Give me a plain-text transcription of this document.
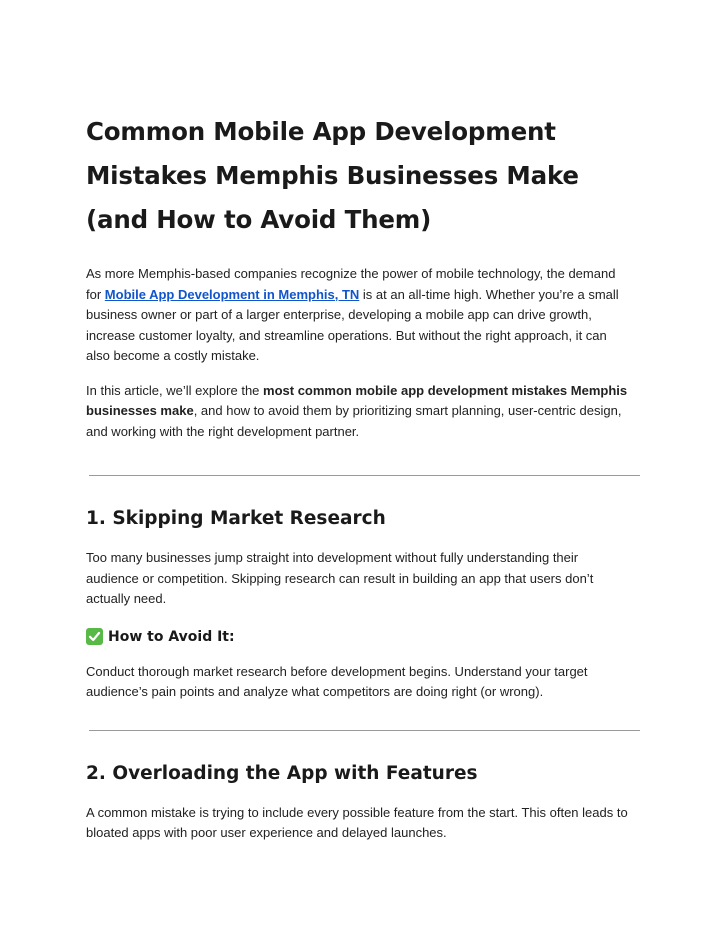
Common Mobile App Development Mistakes Memphis Businesses Make (and How to Avoid Them)

As more Memphis-based companies recognize the power of mobile technology, the demand for Mobile App Development in Memphis, TN is at an all-time high. Whether you’re a small business owner or part of a larger enterprise, developing a mobile app can drive growth, increase customer loyalty, and streamline operations. But without the right approach, it can also become a costly mistake.

In this article, we’ll explore the most common mobile app development mistakes Memphis businesses make, and how to avoid them by prioritizing smart planning, user-centric design, and working with the right development partner.

1. Skipping Market Research

Too many businesses jump straight into development without fully understanding their audience or competition. Skipping research can result in building an app that users don’t actually need.

How to Avoid It:

Conduct thorough market research before development begins. Understand your target audience’s pain points and analyze what competitors are doing right (or wrong).

2. Overloading the App with Features

A common mistake is trying to include every possible feature from the start. This often leads to bloated apps with poor user experience and delayed launches.
